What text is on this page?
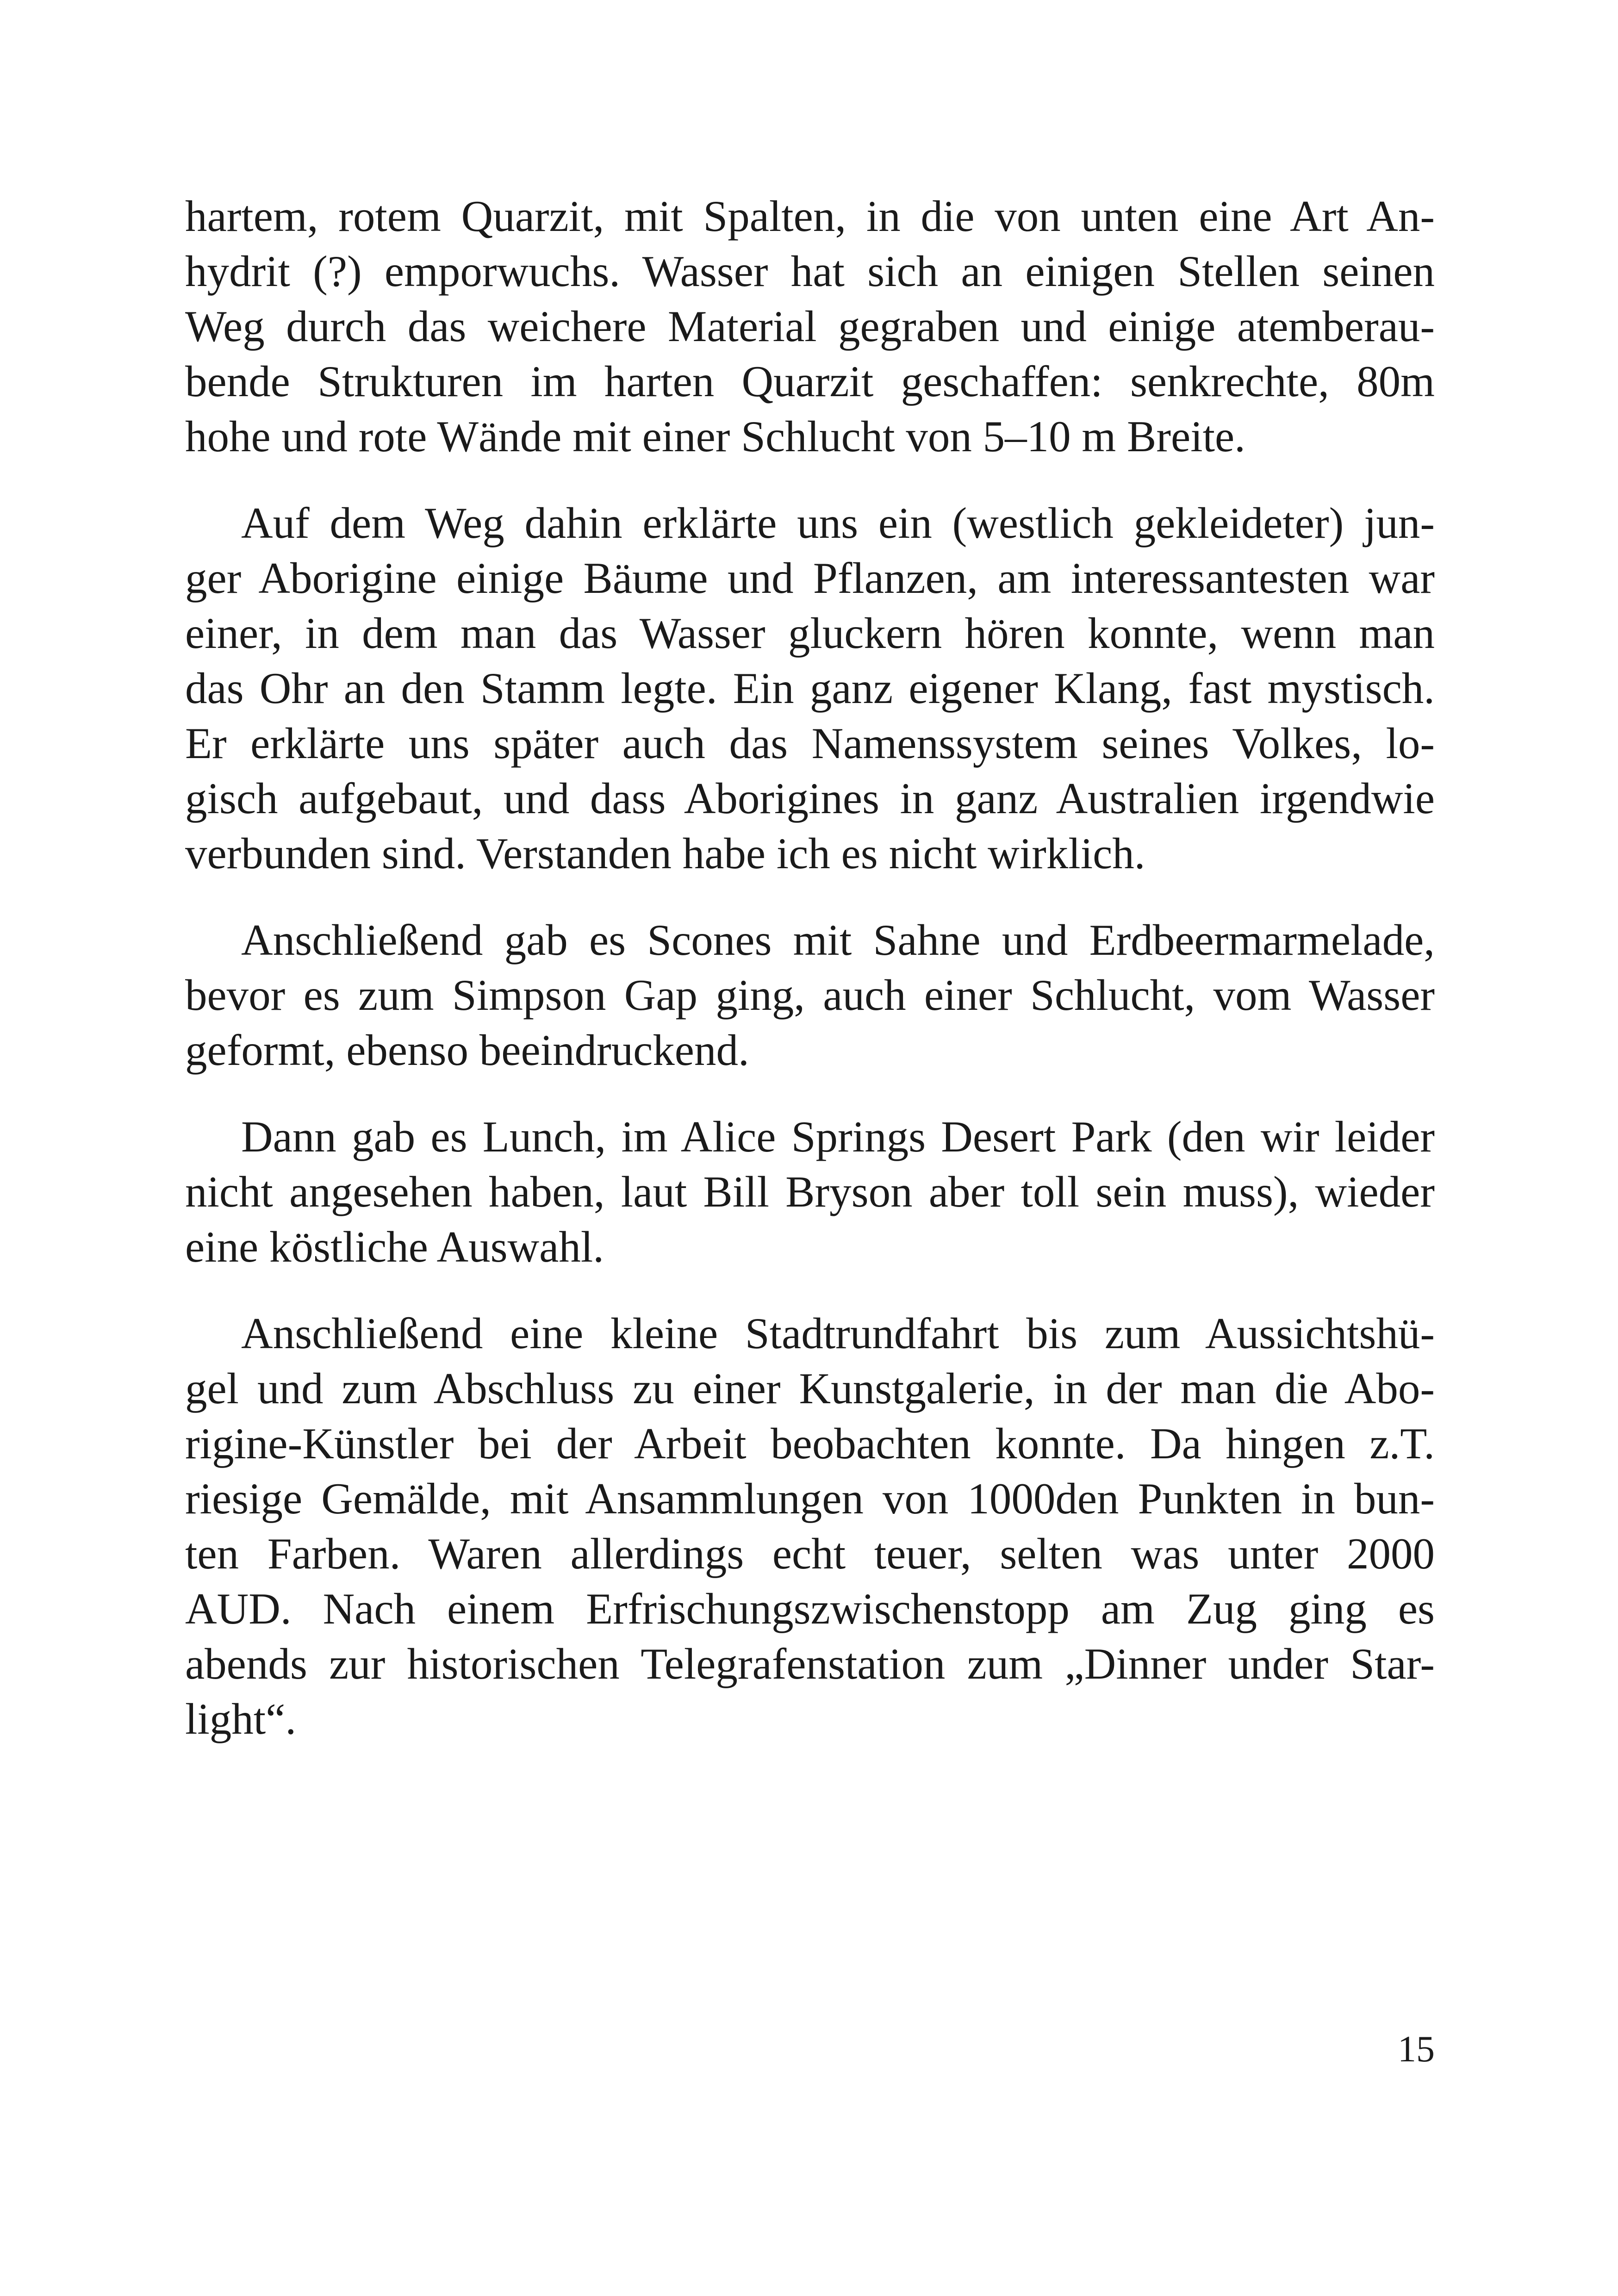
hartem, rotem Quarzit, mit Spalten, in die von unten eine Art An-
hydrit (?) emporwuchs. Wasser hat sich an einigen Stellen seinen
Weg durch das weichere Material gegraben und einige atemberau-
bende Strukturen im harten Quarzit geschaffen: senkrechte, 80m
hohe und rote Wände mit einer Schlucht von 5–10 m Breite.
Auf dem Weg dahin erklärte uns ein (westlich gekleideter) jun-
ger Aborigine einige Bäume und Pflanzen, am interessantesten war
einer, in dem man das Wasser gluckern hören konnte, wenn man
das Ohr an den Stamm legte. Ein ganz eigener Klang, fast mystisch.
Er erklärte uns später auch das Namenssystem seines Volkes, lo-
gisch aufgebaut, und dass Aborigines in ganz Australien irgendwie
verbunden sind. Verstanden habe ich es nicht wirklich.
Anschließend gab es Scones mit Sahne und Erdbeermarmelade,
bevor es zum Simpson Gap ging, auch einer Schlucht, vom Wasser
geformt, ebenso beeindruckend.
Dann gab es Lunch, im Alice Springs Desert Park (den wir leider
nicht angesehen haben, laut Bill Bryson aber toll sein muss), wieder
eine köstliche Auswahl.
Anschließend eine kleine Stadtrundfahrt bis zum Aussichtshü-
gel und zum Abschluss zu einer Kunstgalerie, in der man die Abo-
rigine-Künstler bei der Arbeit beobachten konnte. Da hingen z.T.
riesige Gemälde, mit Ansammlungen von 1000den Punkten in bun-
ten Farben. Waren allerdings echt teuer, selten was unter 2000
AUD. Nach einem Erfrischungszwischenstopp am Zug ging es
abends zur historischen Telegrafenstation zum „Dinner under Star-
light“.
15
